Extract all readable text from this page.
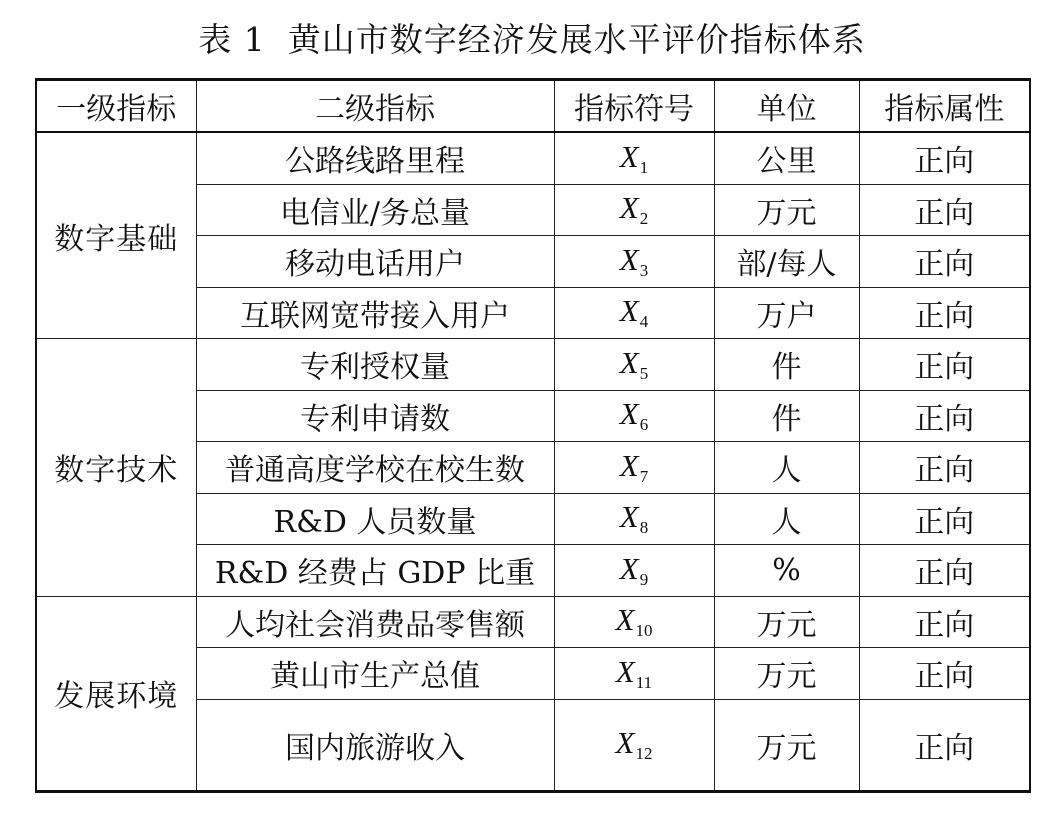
表 1 黄山市数字经济发展水平评价指标体系
一级指标	二级指标	指标符号	单位	指标属性
数字基础	公路线路里程	$X_1$	公里	正向
	电信业/务总量	$X_2$	万元	正向
	移动电话用户	$X_3$	部/每人	正向
	互联网宽带接入用户	$X_4$	万户	正向
数字技术	专利授权量	$X_5$	件	正向
	专利申请数	$X_6$	件	正向
	普通高度学校在校生数	$X_7$	人	正向
	R&D 人员数量	$X_8$	人	正向
	R&D 经费占 GDP 比重	$X_9$	%	正向
发展环境	人均社会消费品零售额	$X_{10}$	万元	正向
	黄山市生产总值	$X_{11}$	万元	正向
	国内旅游收入	$X_{12}$	万元	正向
